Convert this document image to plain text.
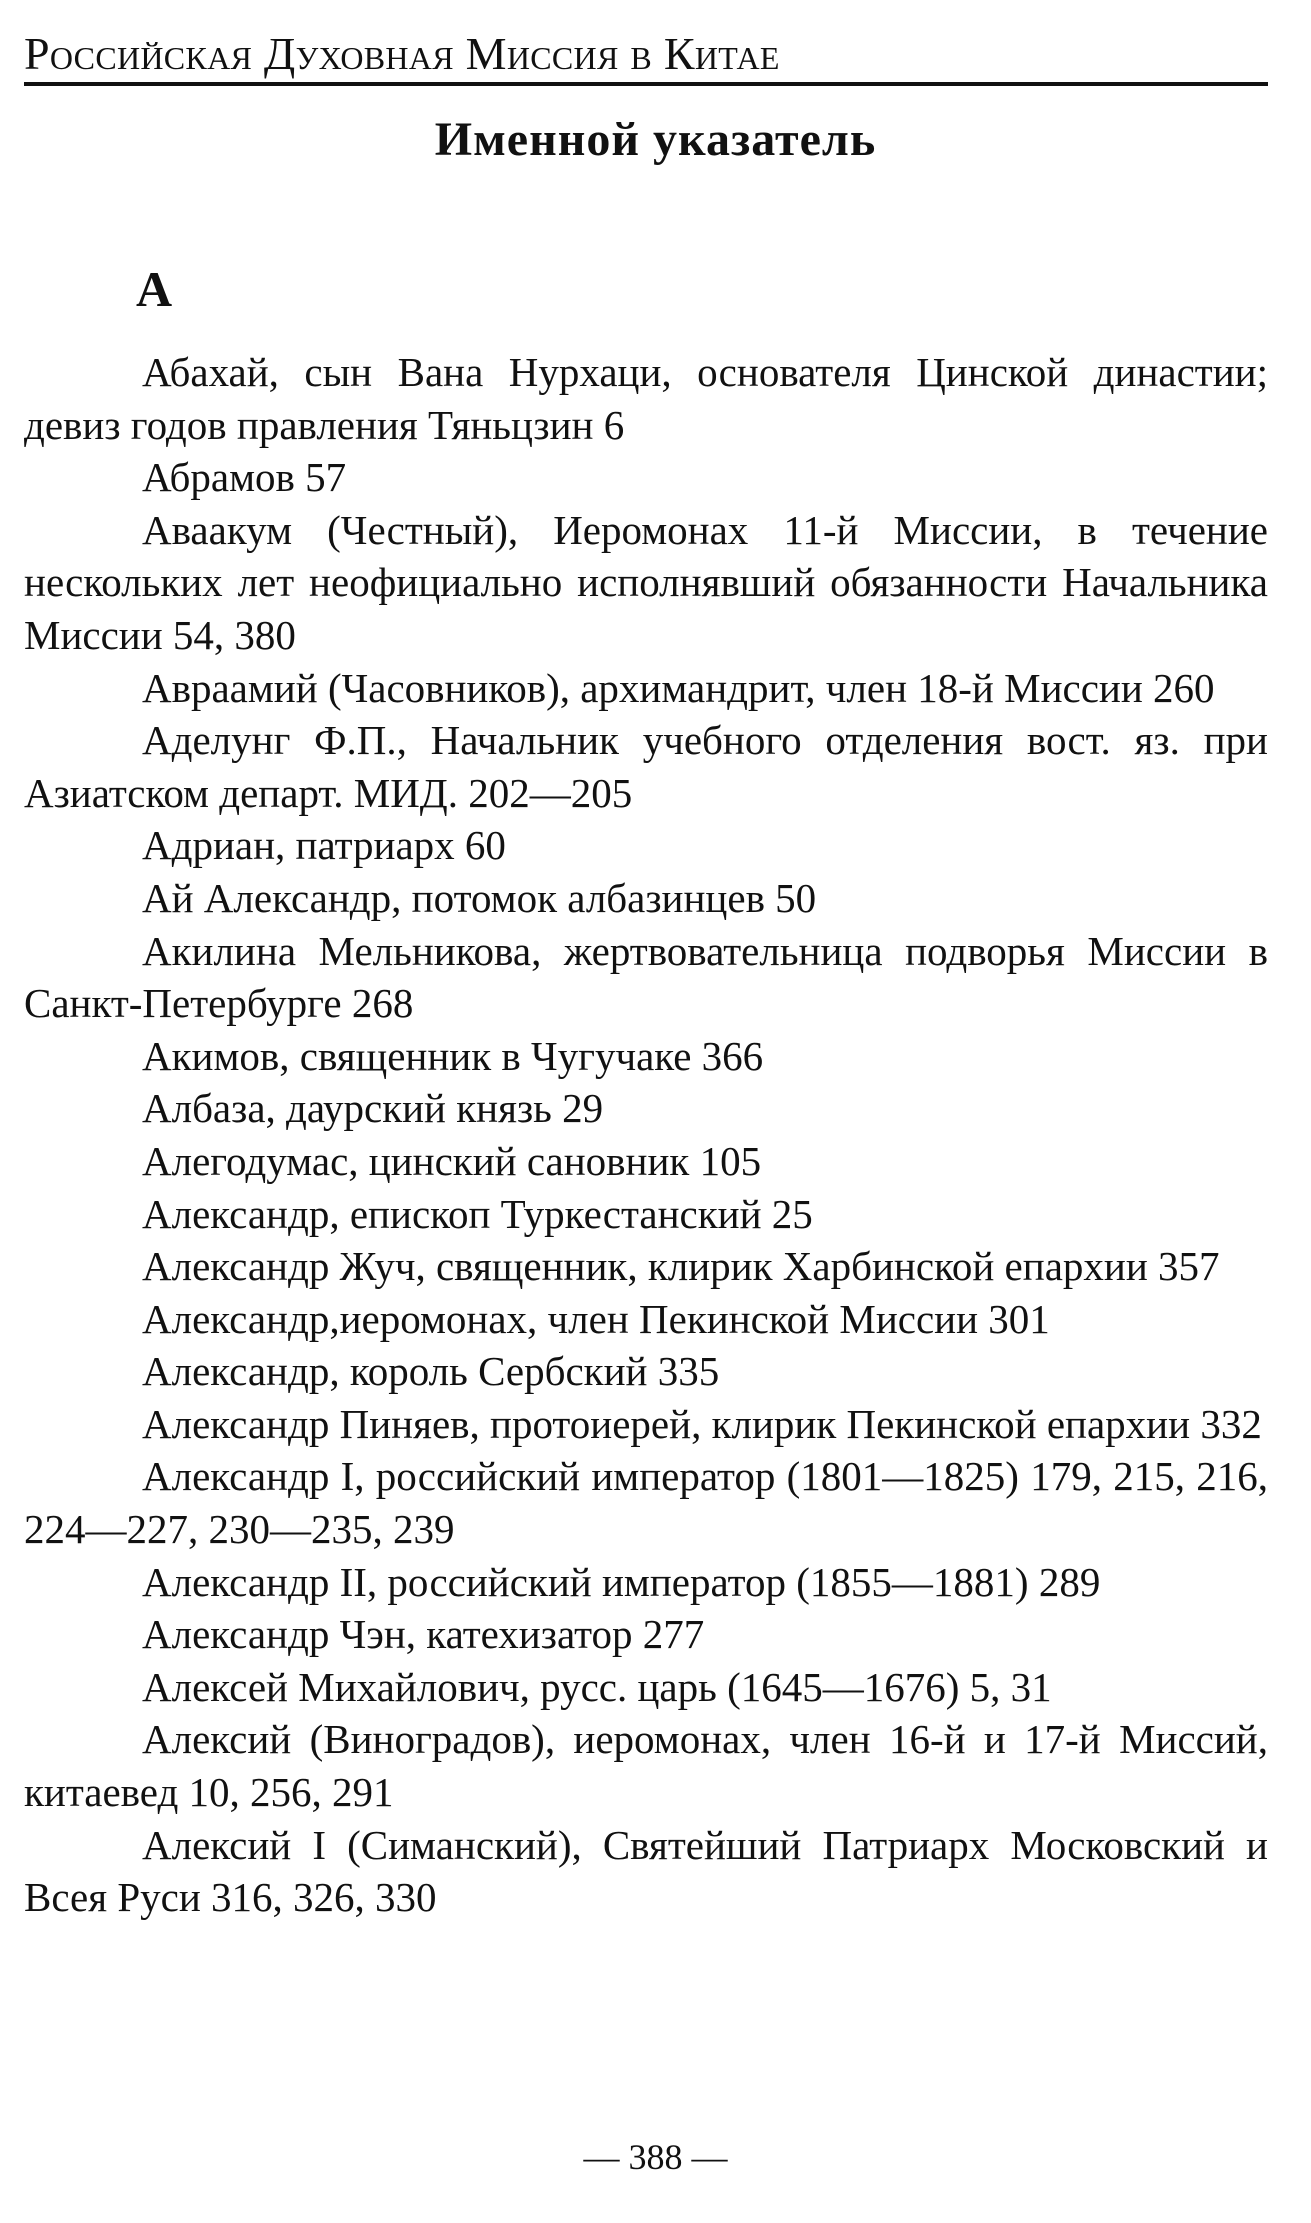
Российская Духовная Миссия в Китае
Именной указатель
А
Абахай, сын Вана Нурхаци, основателя Цинской династии; девиз годов правления Тяньцзин 6
Абрамов 57
Аваакум (Честный), Иеромонах 11-й Миссии, в течение нескольких лет неофициально исполнявший обязанности Начальника Миссии 54, 380
Авраамий (Часовников), архимандрит, член 18-й Миссии 260
Аделунг Ф.П., Начальник учебного отделения вост. яз. при Азиатском департ. МИД. 202—205
Адриан, патриарх 60
Ай Александр, потомок албазинцев 50
Акилина Мельникова, жертвовательница подворья Миссии в Санкт-Петербурге 268
Акимов, священник в Чугучаке 366
Албаза, даурский князь 29
Алегодумас, цинский сановник 105
Александр, епископ Туркестанский 25
Александр Жуч, священник, клирик Харбинской епархии 357
Александр,иеромонах, член Пекинской Миссии 301
Александр, король Сербский 335
Александр Пиняев, протоиерей, клирик Пекинской епархии 332
Александр I, российский император (1801—1825) 179, 215, 216, 224—227, 230—235, 239
Александр II, российский император (1855—1881) 289
Александр Чэн, катехизатор 277
Алексей Михайлович, русс. царь (1645—1676) 5, 31
Алексий (Виноградов), иеромонах, член 16-й и 17-й Миссий, китаевед 10, 256, 291
Алексий I (Симанский), Святейший Патриарх Московский и Всея Руси 316, 326, 330
— 388 —
